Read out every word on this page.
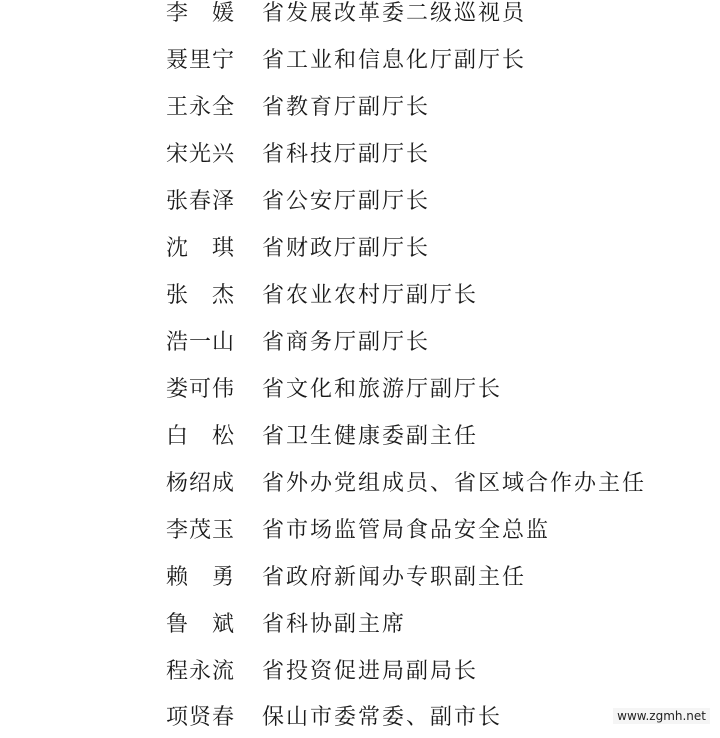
李　媛 省发展改革委二级巡视员
聂里宁 省工业和信息化厅副厅长
王永全 省教育厅副厅长
宋光兴 省科技厅副厅长
张春泽 省公安厅副厅长
沈　琪 省财政厅副厅长
张　杰 省农业农村厅副厅长
浩一山 省商务厅副厅长
娄可伟 省文化和旅游厅副厅长
白　松 省卫生健康委副主任
杨绍成 省外办党组成员、省区域合作办主任
李茂玉 省市场监管局食品安全总监
赖　勇 省政府新闻办专职副主任
鲁　斌 省科协副主席
程永流 省投资促进局副局长
项贤春 保山市委常委、副市长	www.zgmh.net
